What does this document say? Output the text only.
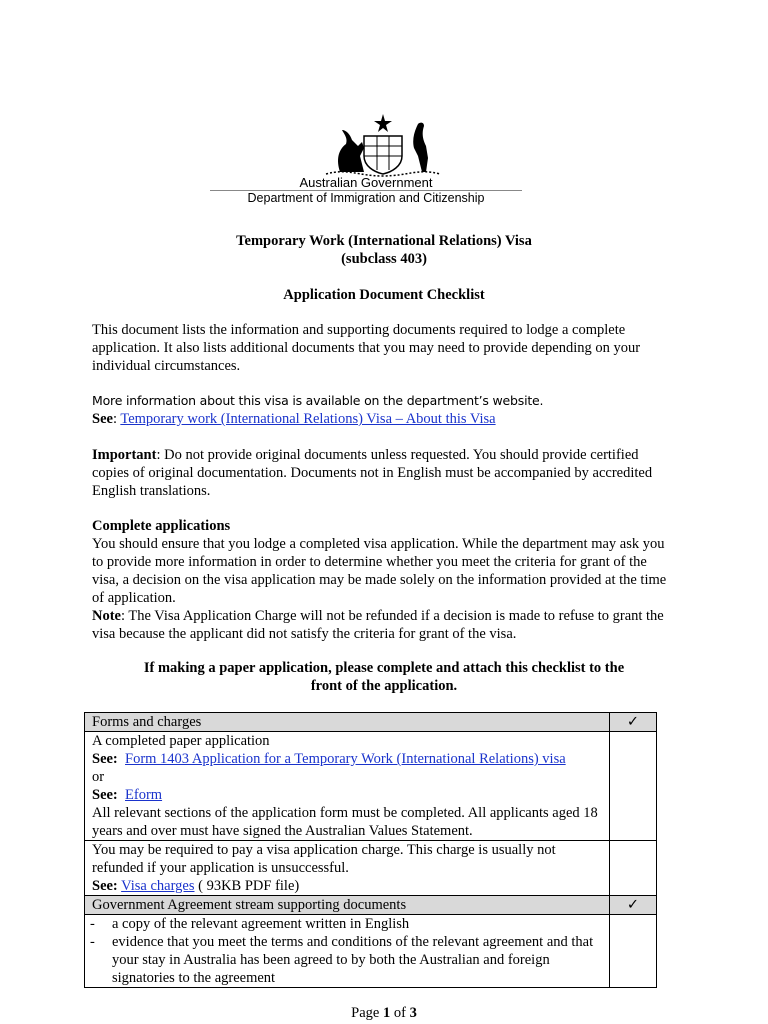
Australian Government
Department of Immigration and Citizenship
Temporary Work (International Relations) Visa
(subclass 403)
Application Document Checklist
This document lists the information and supporting documents required to lodge a complete application. It also lists additional documents that you may need to provide depending on your individual circumstances.
More information about this visa is available on the department’s website.
See: Temporary work (International Relations) Visa – About this Visa
Important: Do not provide original documents unless requested. You should provide certified copies of original documentation. Documents not in English must be accompanied by accredited English translations.
Complete applications
You should ensure that you lodge a completed visa application. While the department may ask you to provide more information in order to determine whether you meet the criteria for grant of the visa, a decision on the visa application may be made solely on the information provided at the time of application.
Note: The Visa Application Charge will not be refunded if a decision is made to refuse to grant the visa because the applicant did not satisfy the criteria for grant of the visa.
If making a paper application, please complete and attach this checklist to the
front of the application.
Forms and charges	✓

A completed paper application
See: Form 1403 Application for a Temporary Work (International Relations) visa
or
See: Eform
All relevant sections of the application form must be completed. All applicants aged 18 years and over must have signed the Australian Values Statement.	

You may be required to pay a visa application charge. This charge is usually not refunded if your application is unsuccessful.
See: Visa charges ( 93KB PDF file)	

Government Agreement stream supporting documents	✓

- a copy of the relevant agreement written in English
- evidence that you meet the terms and conditions of the relevant agreement and that your stay in Australia has been agreed to by both the Australian and foreign signatories to the agreement	

Page 1 of 3
